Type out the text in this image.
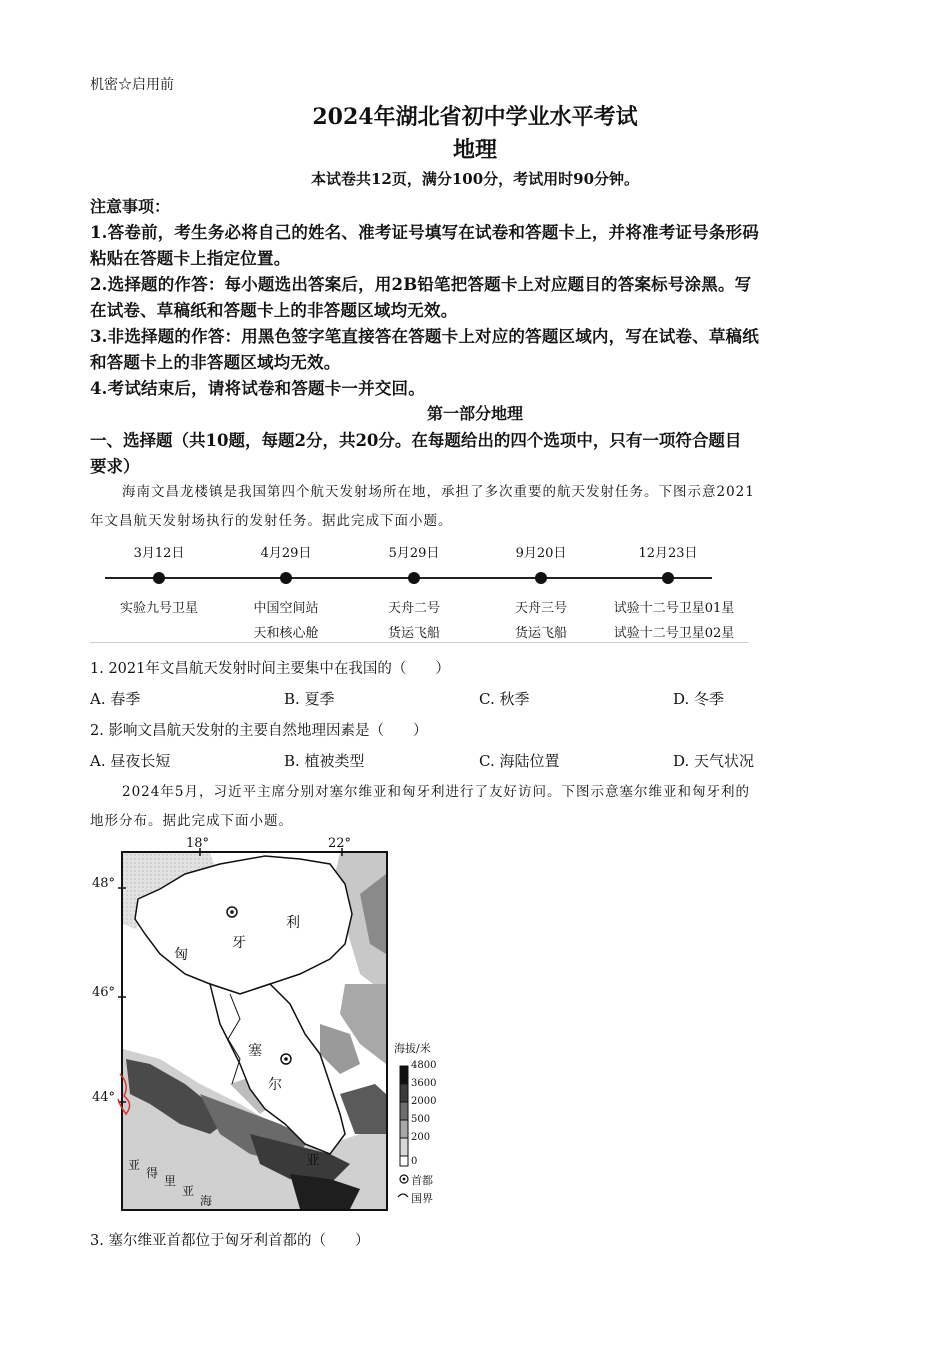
机密☆启用前
2024年湖北省初中学业水平考试
地理
本试卷共12页，满分100分，考试用时90分钟。
注意事项：
1.答卷前，考生务必将自己的姓名、准考证号填写在试卷和答题卡上，并将准考证号条形码
粘贴在答题卡上指定位置。
2.选择题的作答：每小题选出答案后，用2B铅笔把答题卡上对应题目的答案标号涂黑。写
在试卷、草稿纸和答题卡上的非答题区域均无效。
3.非选择题的作答：用黑色签字笔直接答在答题卡上对应的答题区域内，写在试卷、草稿纸
和答题卡上的非答题区域均无效。
4.考试结束后，请将试卷和答题卡一并交回。
第一部分地理
一、选择题（共10题，每题2分，共20分。在每题给出的四个选项中，只有一项符合题目
要求）
海南文昌龙楼镇是我国第四个航天发射场所在地，承担了多次重要的航天发射任务。下图示意2021
年文昌航天发射场执行的发射任务。据此完成下面小题。
3月12日
实验九号卫星
4月29日
中国空间站
天和核心舱
5月29日
天舟二号
货运飞船
9月20日
天舟三号
货运飞船
12月23日
试验十二号卫星01星
试验十二号卫星02星
1. 2021年文昌航天发射时间主要集中在我国的（　　）
A. 春季	B. 夏季	C. 秋季	D. 冬季
2. 影响文昌航天发射的主要自然地理因素是（　　）
A. 昼夜长短	B. 植被类型	C. 海陆位置	D. 天气状况
2024年5月，习近平主席分别对塞尔维亚和匈牙利进行了友好访问。下图示意塞尔维亚和匈牙利的
地形分布。据此完成下面小题。
18°	22°
48°
46°
44°
匈
牙
利
塞
尔
维
亚
亚
得
里
亚
海
海拔/米
4800
3600
2000
500
200
0
首都
国界
3. 塞尔维亚首都位于匈牙利首都的（　　）
